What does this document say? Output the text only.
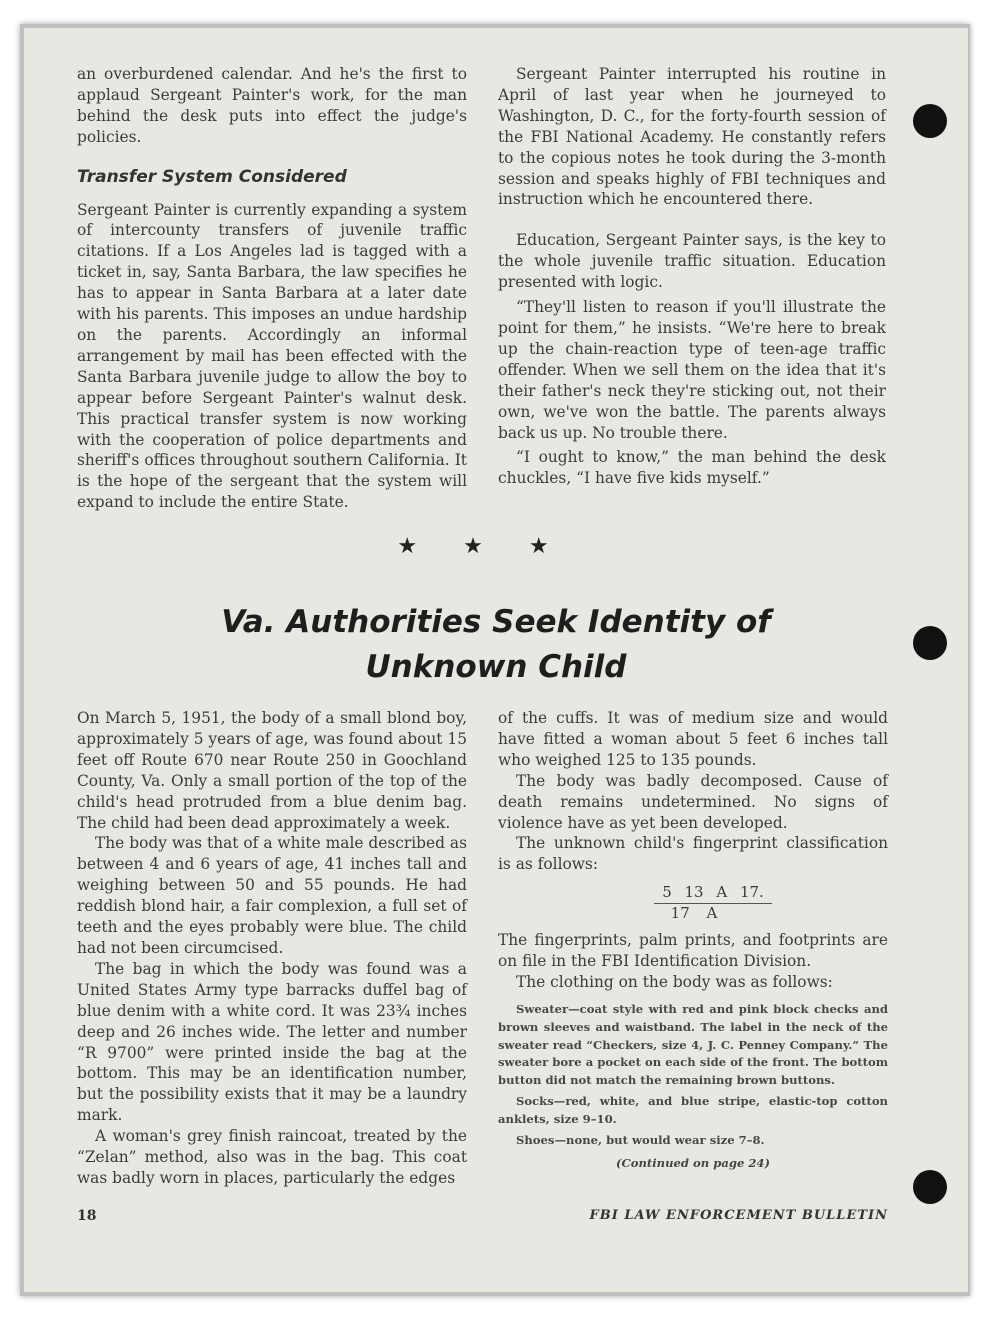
an overburdened calendar. And he's the first to applaud Sergeant Painter's work, for the man behind the desk puts into effect the judge's policies.

Transfer System Considered

Sergeant Painter is currently expanding a system of intercounty transfers of juvenile traffic citations. If a Los Angeles lad is tagged with a ticket in, say, Santa Barbara, the law specifies he has to appear in Santa Barbara at a later date with his parents. This imposes an undue hardship on the parents. Accordingly an informal arrangement by mail has been effected with the Santa Barbara juvenile judge to allow the boy to appear before Sergeant Painter's walnut desk. This practical transfer system is now working with the cooperation of police departments and sheriff's offices throughout southern California. It is the hope of the sergeant that the system will expand to include the entire State.

Sergeant Painter interrupted his routine in April of last year when he journeyed to Washington, D. C., for the forty-fourth session of the FBI National Academy. He constantly refers to the copious notes he took during the 3-month session and speaks highly of FBI techniques and instruction which he encountered there.

Education, Sergeant Painter says, is the key to the whole juvenile traffic situation. Education presented with logic.

“They'll listen to reason if you'll illustrate the point for them,” he insists. “We're here to break up the chain-reaction type of teen-age traffic offender. When we sell them on the idea that it's their father's neck they're sticking out, not their own, we've won the battle. The parents always back us up. No trouble there.

“I ought to know,” the man behind the desk chuckles, “I have five kids myself.”

★★★
Va. Authorities Seek Identity of
Unknown Child

On March 5, 1951, the body of a small blond boy, approximately 5 years of age, was found about 15 feet off Route 670 near Route 250 in Goochland County, Va. Only a small portion of the top of the child's head protruded from a blue denim bag. The child had been dead approximately a week.

The body was that of a white male described as between 4 and 6 years of age, 41 inches tall and weighing between 50 and 55 pounds. He had reddish blond hair, a fair complexion, a full set of teeth and the eyes probably were blue. The child had not been circumcised.

The bag in which the body was found was a United States Army type barracks duffel bag of blue denim with a white cord. It was 23¾ inches deep and 26 inches wide. The letter and number “R 9700” were printed inside the bag at the bottom. This may be an identification number, but the possibility exists that it may be a laundry mark.

A woman's grey finish raincoat, treated by the “Zelan” method, also was in the bag. This coat was badly worn in places, particularly the edges

of the cuffs. It was of medium size and would have fitted a woman about 5 feet 6 inches tall who weighed 125 to 135 pounds.

The body was badly decomposed. Cause of death remains undetermined. No signs of violence have as yet been developed.

The unknown child's fingerprint classification is as follows:

5 13 A 17.
17 A

The fingerprints, palm prints, and footprints are on file in the FBI Identification Division.

The clothing on the body was as follows:

Sweater—coat style with red and pink block checks and brown sleeves and waistband. The label in the neck of the sweater read “Checkers, size 4, J. C. Penney Company.” The sweater bore a pocket on each side of the front. The bottom button did not match the remaining brown buttons.

Socks—red, white, and blue stripe, elastic-top cotton anklets, size 9–10.

Shoes—none, but would wear size 7–8.

(Continued on page 24)
18	FBI LAW ENFORCEMENT BULLETIN
